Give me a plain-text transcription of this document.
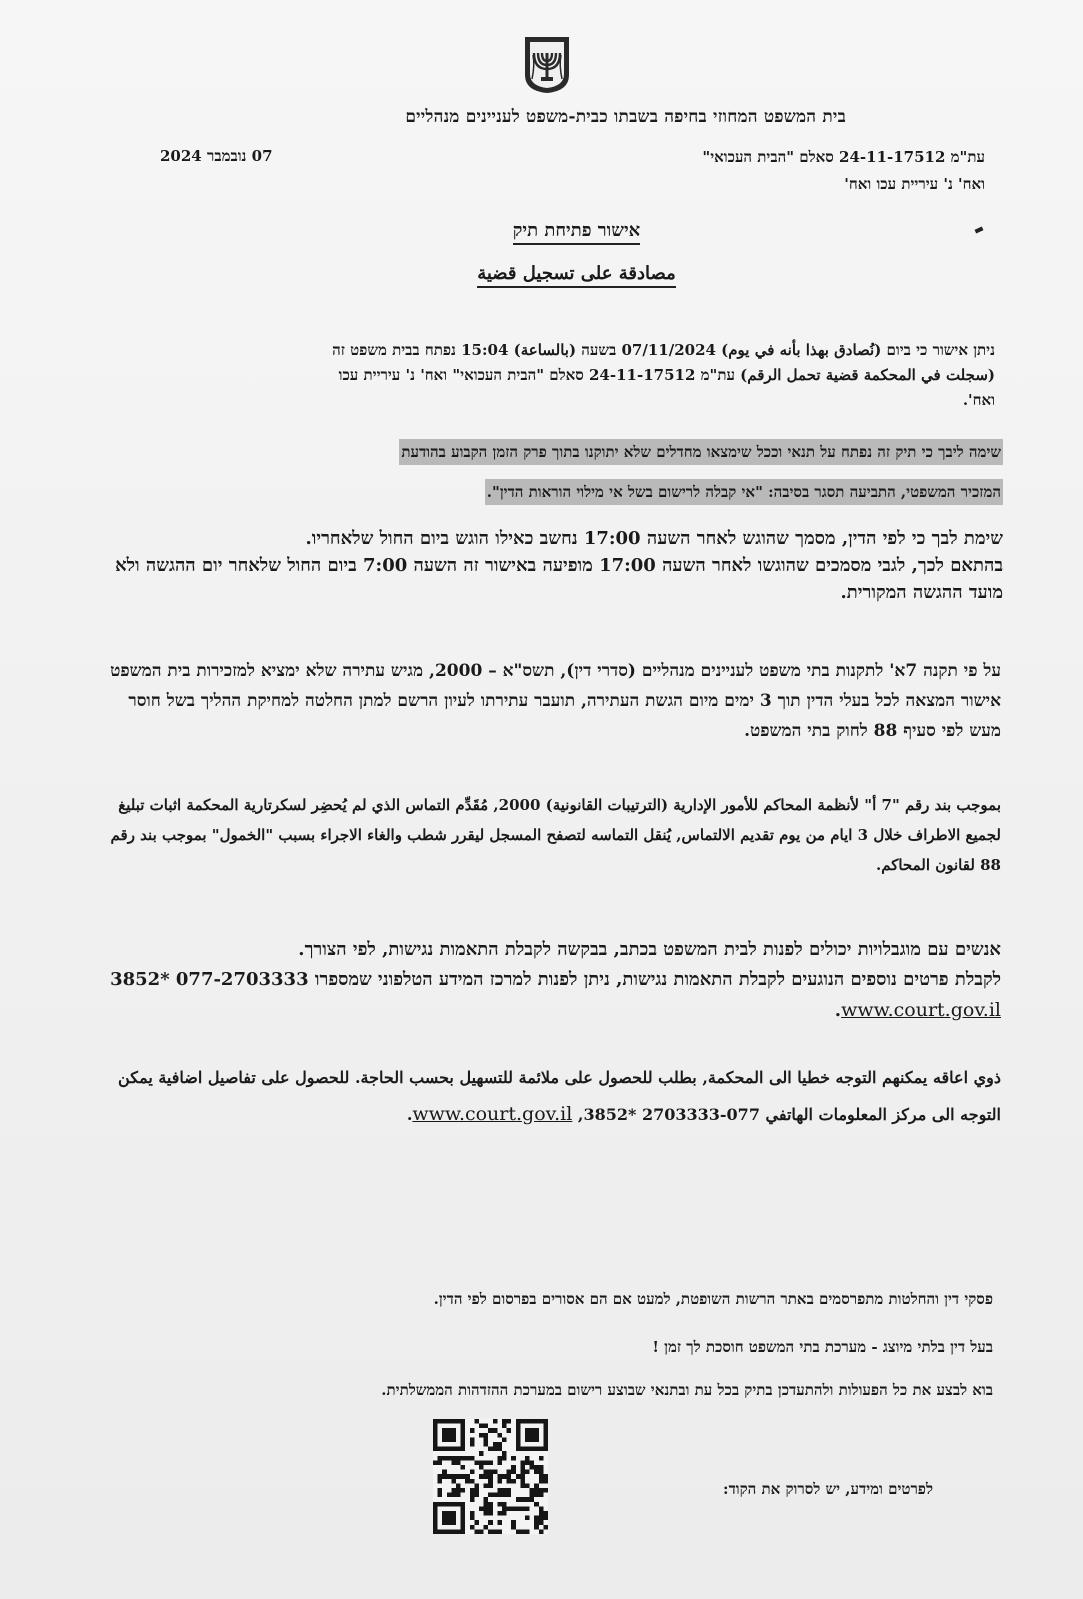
בית המשפט המחוזי בחיפה בשבתו כבית-משפט לעניינים מנהליים
07 נובמבר 2024	עת"מ 24-11-17512 סאלם "הבית העכואי"
ואח' נ' עיריית עכו ואח'
אישור פתיחת תיק
مصادقة على تسجيل قضية
ניתן אישור כי ביום (نُصادق بهذا بأنه في يوم) 07/11/2024 בשעה (بالساعة) 15:04 נפתח בבית משפט זה
(سجلت في المحكمة قضية تحمل الرقم) עת"מ 24-11-17512 סאלם "הבית העכואי" ואח' נ' עיריית עכו
ואח'.
שימה ליבך כי תיק זה נפתח על תנאי וככל שימצאו מחדלים שלא יתוקנו בתוך פרק הזמן הקבוע בהודעת
המזכיר המשפטי, התביעה תסגר בסיבה: "אי קבלה לרישום בשל אי מילוי הוראות הדין".

שימת לבך כי לפי הדין, מסמך שהוגש לאחר השעה 17:00 נחשב כאילו הוגש ביום החול שלאחריו.

בהתאם לכך, לגבי מסמכים שהוגשו לאחר השעה 17:00 מופיעה באישור זה השעה 7:00 ביום החול שלאחר יום ההגשה ולא מועד ההגשה המקורית.

על פי תקנה 7א' לתקנות בתי משפט לעניינים מנהליים (סדרי דין), תשס"א – 2000, מגיש עתירה שלא ימציא למזכירות בית המשפט אישור המצאה לכל בעלי הדין תוך 3 ימים מיום הגשת העתירה, תועבר עתירתו לעיון הרשם למתן החלטה למחיקת ההליך בשל חוסר מעש לפי סעיף 88 לחוק בתי המשפט.
بموجب بند رقم "7 أ" لأنظمة المحاكم للأمور الإدارية (الترتيبات القانونية) 2000, مُقَدِّم التماس الذي لم يُحضِر لسكرتارية المحكمة اثبات تبليغ لجميع الاطراف خلال 3 ايام من يوم تقديم الالتماس, يُنقل التماسه لتصفح المسجل ليقرر شطب والغاء الاجراء بسبب "الخمول" بموجب بند رقم 88 لقانون المحاكم.

אנשים עם מוגבלויות יכולים לפנות לבית המשפט בכתב, בבקשה לקבלת התאמות נגישות, לפי הצורך.

לקבלת פרטים נוספים הנוגעים לקבלת התאמות נגישות, ניתן לפנות למרכז המידע הטלפוני שמספרו 077-2703333 *3852 www.court.gov.il.

ذوي اعاقه يمكنهم التوجه خطيا الى المحكمة, بطلب للحصول على ملائمة للتسهيل بحسب الحاجة. للحصول على تفاصيل اضافية يمكن التوجه الى مركز المعلومات الهاتفي 077-2703333 *3852, www.court.gov.il.
פסקי דין והחלטות מתפרסמים באתר הרשות השופטת, למעט אם הם אסורים בפרסום לפי הדין.
בעל דין בלתי מיוצג - מערכת בתי המשפט חוסכת לך זמן !
בוא לבצע את כל הפעולות ולהתעדכן בתיק בכל עת ובתנאי שבוצע רישום במערכת ההזדהות הממשלתית.
לפרטים ומידע, יש לסרוק את הקוד:
